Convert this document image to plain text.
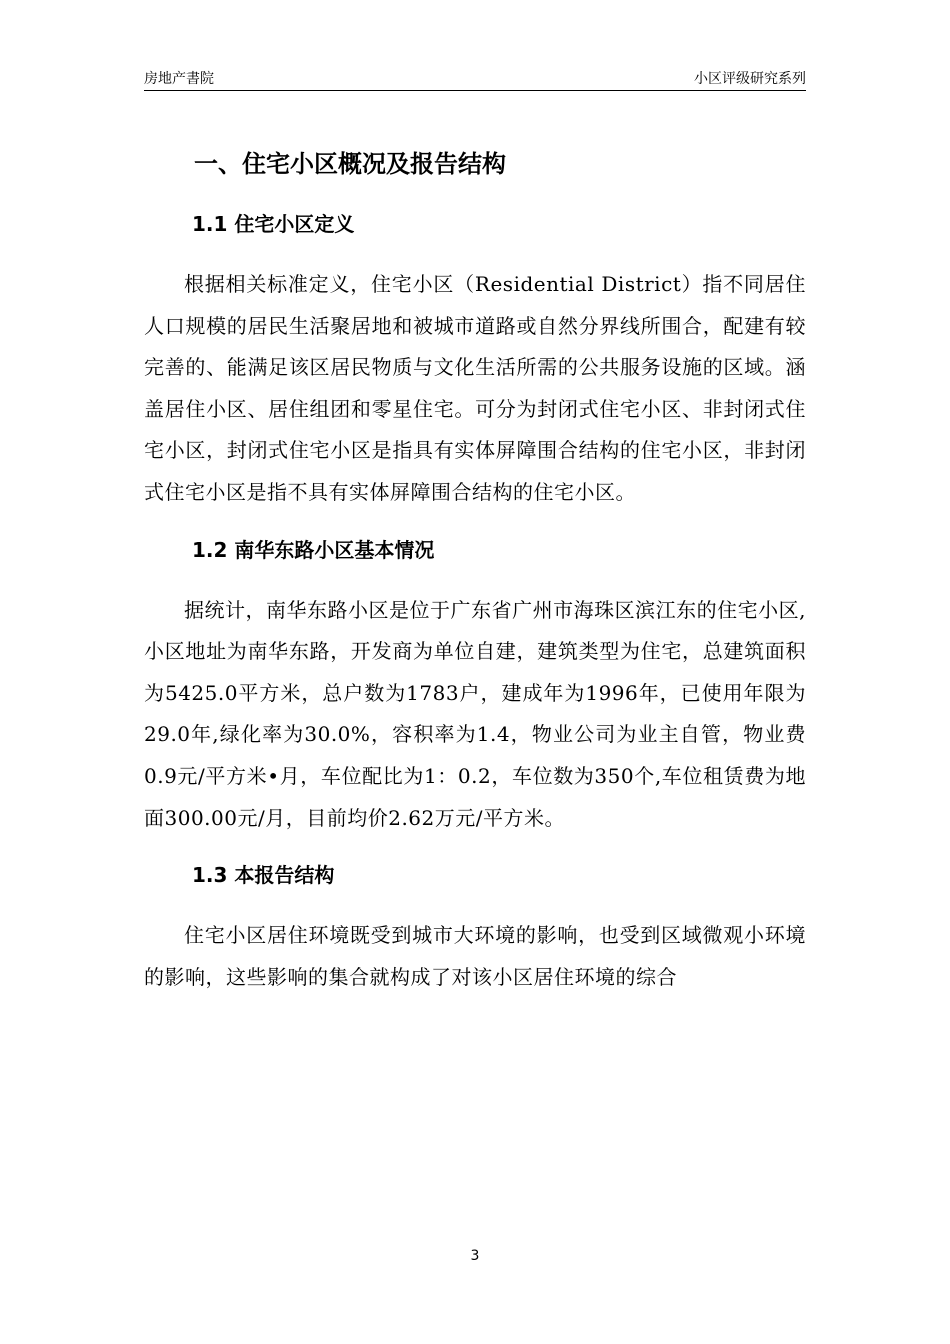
房地产書院	小区评级研究系列
一、住宅小区概况及报告结构
1.1 住宅小区定义

根据相关标准定义，住宅小区（Residential District）指不同居住人口规模的居民生活聚居地和被城市道路或自然分界线所围合，配建有较完善的、能满足该区居民物质与文化生活所需的公共服务设施的区域。涵盖居住小区、居住组团和零星住宅。可分为封闭式住宅小区、非封闭式住宅小区，封闭式住宅小区是指具有实体屏障围合结构的住宅小区，非封闭式住宅小区是指不具有实体屏障围合结构的住宅小区。

1.2 南华东路小区基本情况

据统计，南华东路小区是位于广东省广州市海珠区滨江东的住宅小区,小区地址为南华东路，开发商为单位自建，建筑类型为住宅，总建筑面积为5425.0平方米，总户数为1783户，建成年为1996年，已使用年限为29.0年,绿化率为30.0%，容积率为1.4，物业公司为业主自管，物业费0.9元/平方米•月，车位配比为1：0.2，车位数为350个,车位租赁费为地面300.00元/月，目前均价2.62万元/平方米。

1.3 本报告结构

住宅小区居住环境既受到城市大环境的影响，也受到区域微观小环境的影响，这些影响的集合就构成了对该小区居住环境的综合

3
